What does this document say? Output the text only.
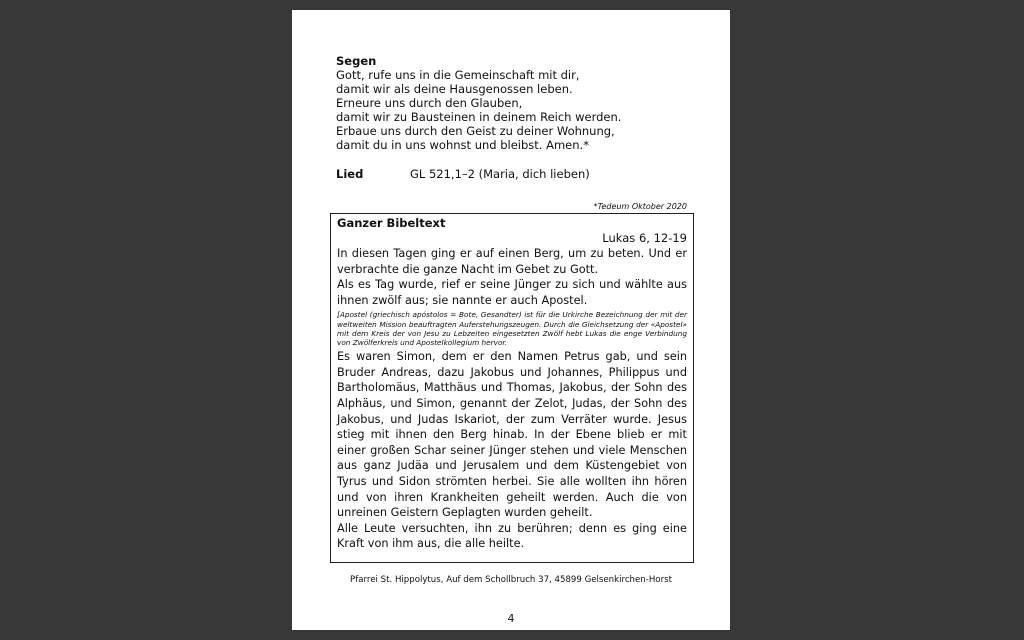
Segen

Gott, rufe uns in die Gemeinschaft mit dir,

damit wir als deine Hausgenossen leben.

Erneure uns durch den Glauben,

damit wir zu Bausteinen in deinem Reich werden.

Erbaue uns durch den Geist zu deiner Wohnung,

damit du in uns wohnst und bleibst. Amen.*

Lied	GL 521,1–2 (Maria, dich lieben)
*Tedeum Oktober 2020

Ganzer Bibeltext

Lukas 6, 12-19

In diesen Tagen ging er auf einen Berg, um zu beten. Und er verbrachte die ganze Nacht im Gebet zu Gott.

Als es Tag wurde, rief er seine Jünger zu sich und wählte aus ihnen zwölf aus; sie nannte er auch Apostel.

[Apostel (griechisch apóstolos = Bote, Gesandter) ist für die Urkirche Bezeichnung der mit der weltweiten Mission beauftragten Auferstehungszeugen. Durch die Gleichsetzung der «Apostel» mit dem Kreis der von Jesu zu Lebzeiten eingesetzten Zwölf hebt Lukas die enge Verbindung von Zwölferkreis und Apostelkollegium hervor.

Es waren Simon, dem er den Namen Petrus gab, und sein Bruder Andreas, dazu Jakobus und Johannes, Philippus und Bartholomäus, Matthäus und Thomas, Jakobus, der Sohn des Alphäus, und Simon, genannt der Zelot, Judas, der Sohn des Jakobus, und Judas Iskariot, der zum Verräter wurde. Jesus stieg mit ihnen den Berg hinab. In der Ebene blieb er mit einer großen Schar seiner Jünger stehen und viele Menschen aus ganz Judäa und Jerusalem und dem Küstengebiet von Tyrus und Sidon strömten herbei. Sie alle wollten ihn hören und von ihren Krankheiten geheilt werden. Auch die von unreinen Geistern Geplagten wurden geheilt.

Alle Leute versuchten, ihn zu berühren; denn es ging eine Kraft von ihm aus, die alle heilte.

Pfarrei St. Hippolytus, Auf dem Schollbruch 37, 45899 Gelsenkirchen-Horst
4
